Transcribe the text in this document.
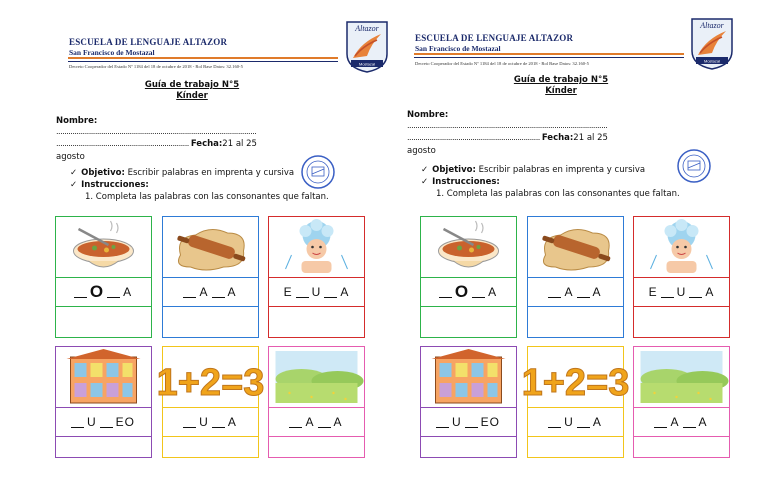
ESCUELA DE LENGUAJE ALTAZOR
San Francisco de Mostazal
Decreto Cooperador del Estado Nº 1184 del 18 de octubre de 2018 - Rol Base Datos: 32.160-5
Altazor
Mostazal
Guía de trabajo N°5
Kínder
Nombre:
..................................................................................................
................................................................. Fecha:21 al 25
agosto
✓ Objetivo: Escribir palabras en imprenta y cursiva
✓ Instrucciones:
1. Completa las palabras con las consonantes que faltan.
ESCUELA DE LENGUAJE ALTAZOR
San Francisco de Mostazal
Decreto Cooperador del Estado Nº 1184 del 18 de octubre de 2018 - Rol Base Datos: 32.160-5
Altazor
Mostazal
Guía de trabajo N°5
Kínder
Nombre:
..................................................................................................
................................................................. Fecha:21 al 25
agosto
✓ Objetivo: Escribir palabras en imprenta y cursiva
✓ Instrucciones:
1. Completa las palabras con las consonantes que faltan.
O A	A A	E U A
U EO
1+2=3
U A	A A
O A	A A	E U A
U EO
1+2=3
U A	A A
